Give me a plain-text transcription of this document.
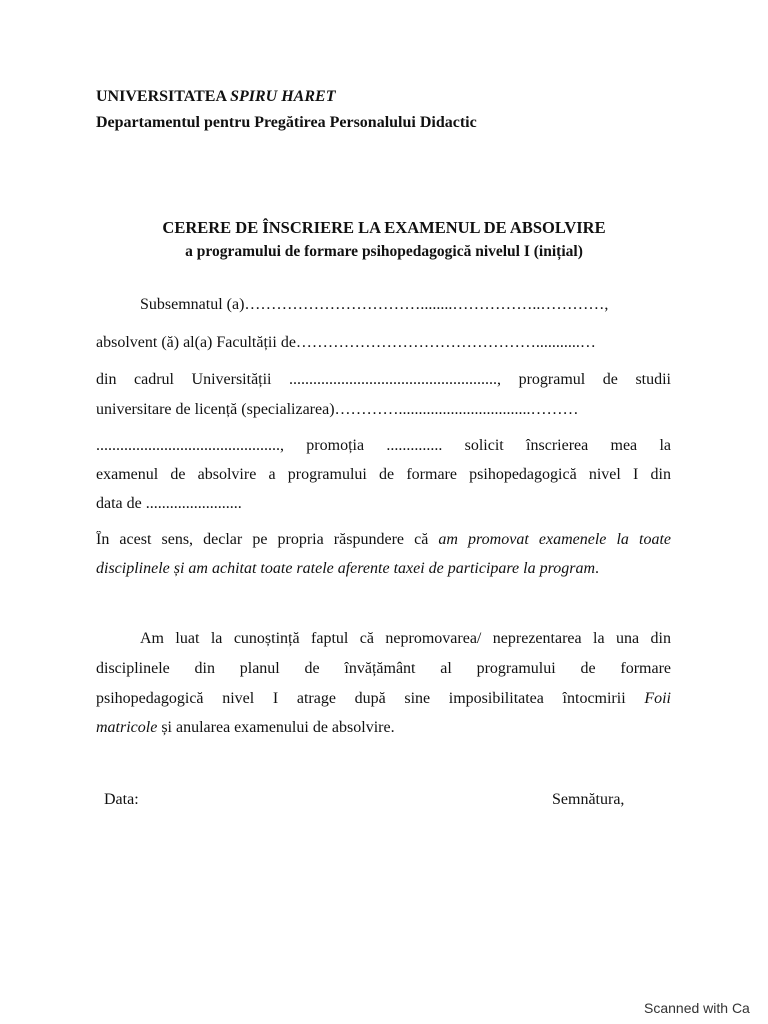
UNIVERSITATEA SPIRU HARET
Departamentul pentru Pregătirea Personalului Didactic
CERERE DE ÎNSCRIERE LA EXAMENUL DE ABSOLVIRE
a programului de formare psihopedagogică nivelul I (inițial)
Subsemnatul (a)……………………………........……………..…………,
absolvent (ă) al(a) Facultății de………………………………………...........…
din cadrul Universității ...................................................., programul de studii
universitare de licență (specializarea)………….................................………
.............................................., promoția .............. solicit înscrierea mea la
examenul de absolvire a programului de formare psihopedagogică nivel I din
data de ........................
În acest sens, declar pe propria răspundere că am promovat examenele la toate
disciplinele și am achitat toate ratele aferente taxei de participare la program.
Am luat la cunoștință faptul că nepromovarea/ neprezentarea la una din
disciplinele din planul de învățământ al programului de formare
psihopedagogică nivel I atrage după sine imposibilitatea întocmirii Foii
matricole și anularea examenului de absolvire.
Data:	Semnătura,
Scanned with Ca
